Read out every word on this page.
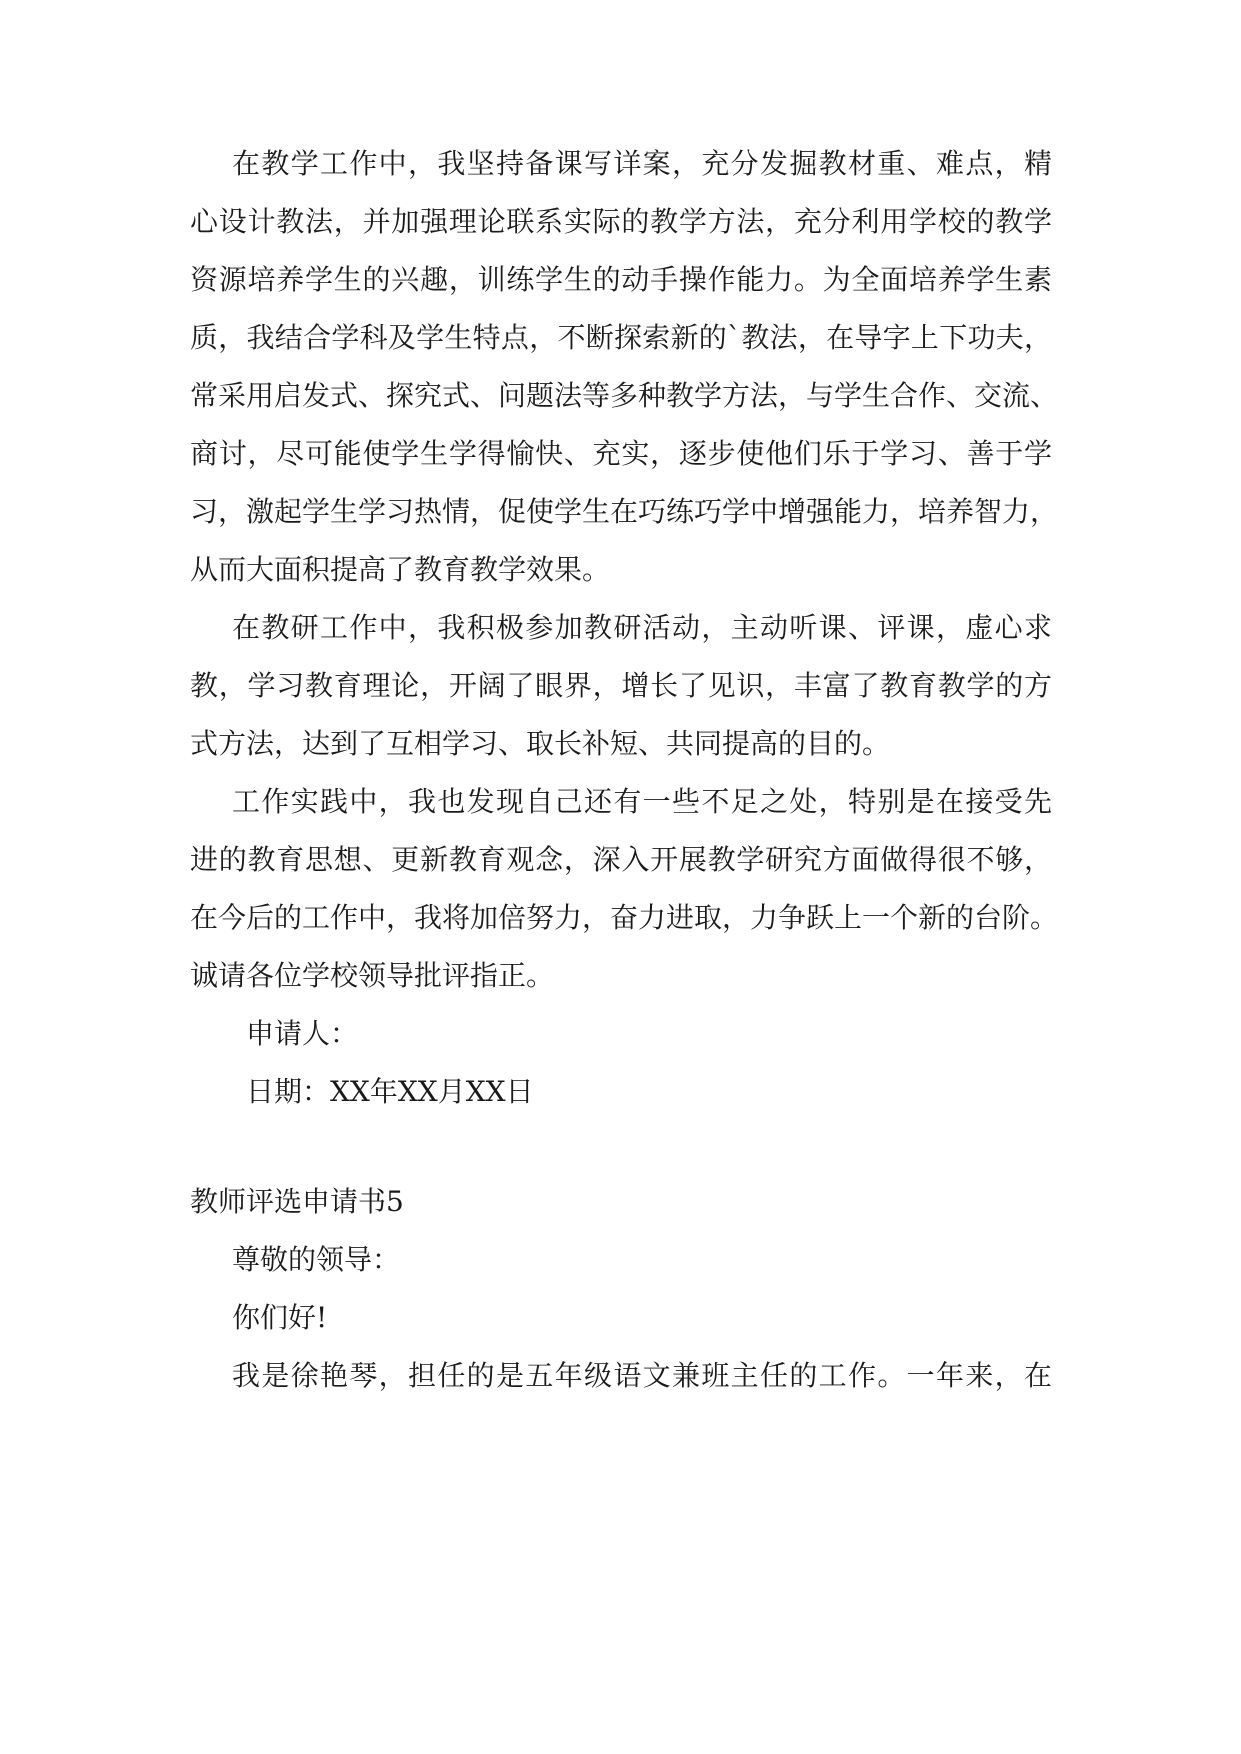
在教学工作中，我坚持备课写详案，充分发掘教材重、难点，精

心设计教法，并加强理论联系实际的教学方法，充分利用学校的教学

资源培养学生的兴趣，训练学生的动手操作能力。为全面培养学生素

质，我结合学科及学生特点，不断探索新的`教法，在导字上下功夫，

常采用启发式、探究式、问题法等多种教学方法，与学生合作、交流、

商讨，尽可能使学生学得愉快、充实，逐步使他们乐于学习、善于学

习，激起学生学习热情，促使学生在巧练巧学中增强能力，培养智力，

从而大面积提高了教育教学效果。

在教研工作中，我积极参加教研活动，主动听课、评课，虚心求

教，学习教育理论，开阔了眼界，增长了见识，丰富了教育教学的方

式方法，达到了互相学习、取长补短、共同提高的目的。

工作实践中，我也发现自己还有一些不足之处，特别是在接受先

进的教育思想、更新教育观念，深入开展教学研究方面做得很不够，

在今后的工作中，我将加倍努力，奋力进取，力争跃上一个新的台阶。

诚请各位学校领导批评指正。

申请人：

日期：XX年XX月XX日

教师评选申请书5

尊敬的领导：

你们好!

我是徐艳琴，担任的是五年级语文兼班主任的工作。一年来，在
